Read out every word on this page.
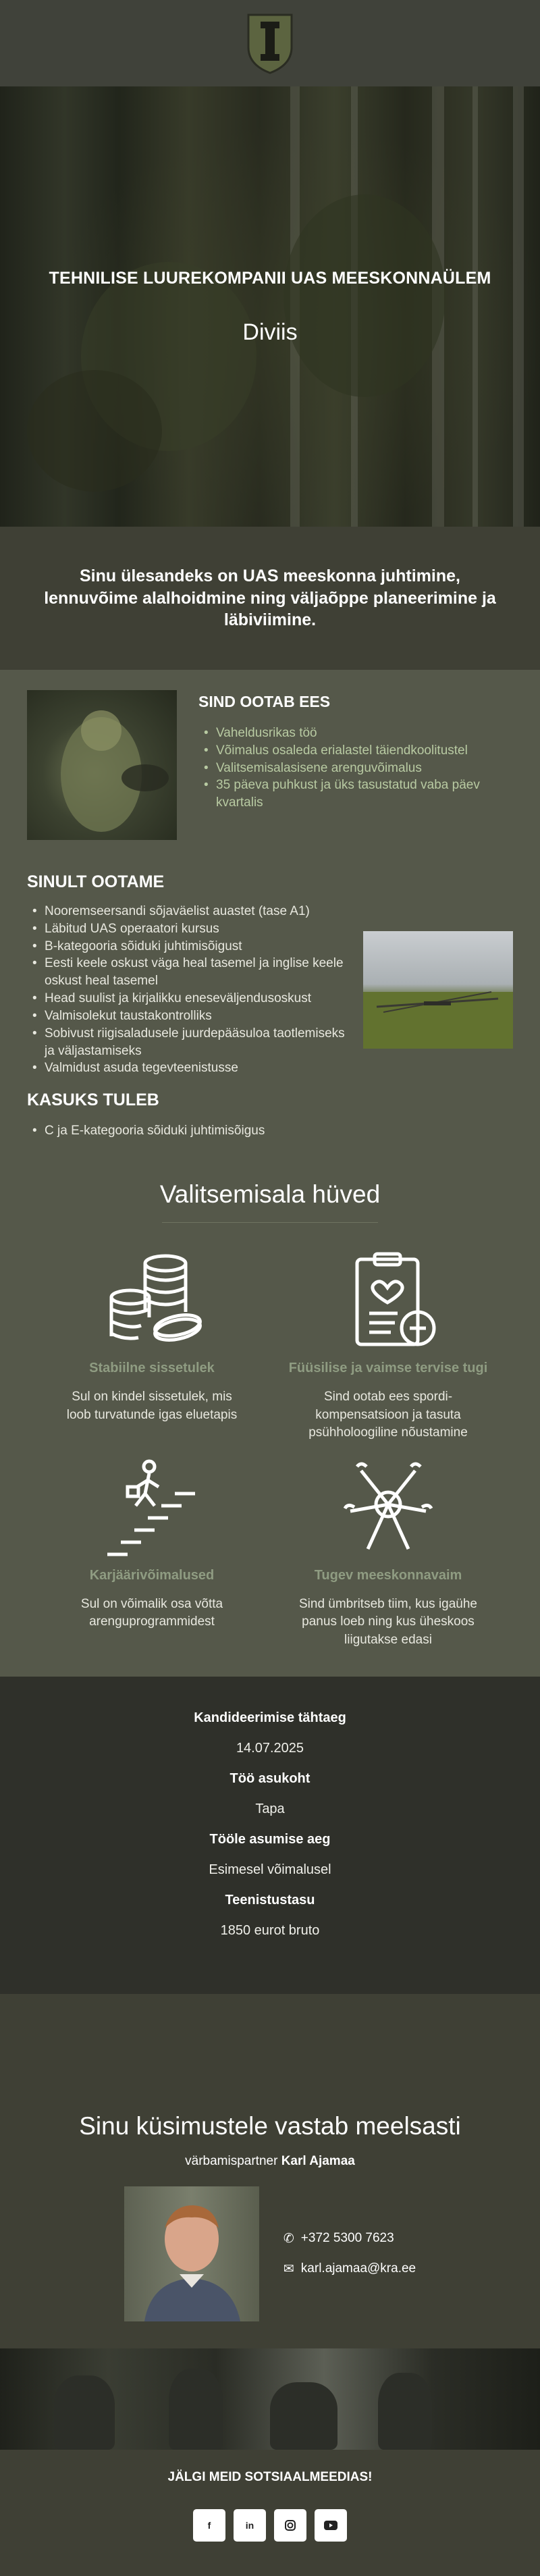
TEHNILISE LUUREKOMPANII UAS MEESKONNAÜLEM
Diviis

Sinu ülesandeks on UAS meeskonna juhtimine, lennuvõime alalhoidmine ning väljaõppe planeerimine ja läbiviimine.

SIND OOTAB EES
• Vaheldusrikas töö
• Võimalus osaleda erialastel täiendkoolitustel
• Valitsemisalasisene arenguvõimalus
• 35 päeva puhkust ja üks tasustatud vaba päev kvartalis
SINULT OOTAME
• Nooremseersandi sõjaväelist auastet (tase A1)
• Läbitud UAS operaatori kursus
• B-kategooria sõiduki juhtimisõigust
• Eesti keele oskust väga heal tasemel ja inglise keele oskust heal tasemel
• Head suulist ja kirjalikku eneseväljendusoskust
• Valmisolekut taustakontrolliks
• Sobivust riigisaladusele juurdepääsuloa taotlemiseks ja väljastamiseks
• Valmidust asuda tegevteenistusse
KASUKS TULEB
• C ja E-kategooria sõiduki juhtimisõigus
Valitsemisala hüved
Stabiilne sissetulek

Sul on kindel sissetulek, mis loob turvatunde igas eluetapis

Füüsilise ja vaimse tervise tugi

Sind ootab ees spordi-kompensatsioon ja tasuta psühholoogiline nõustamine

Karjäärivõimalused

Sul on võimalik osa võtta arenguprogrammidest

Tugev meeskonnavaim

Sind ümbritseb tiim, kus igaühe panus loeb ning kus üheskoos liigutakse edasi

Kandideerimise tähtaeg
14.07.2025
Töö asukoht
Tapa
Tööle asumise aeg
Esimesel võimalusel
Teenistustasu
1850 eurot bruto
Sinu küsimustele vastab meelsasti
värbamispartner Karl Ajamaa
✆ +372 5300 7623
✉ karl.ajamaa@kra.ee
JÄLGI MEID SOTSIAALMEEDIAS!
f	in
